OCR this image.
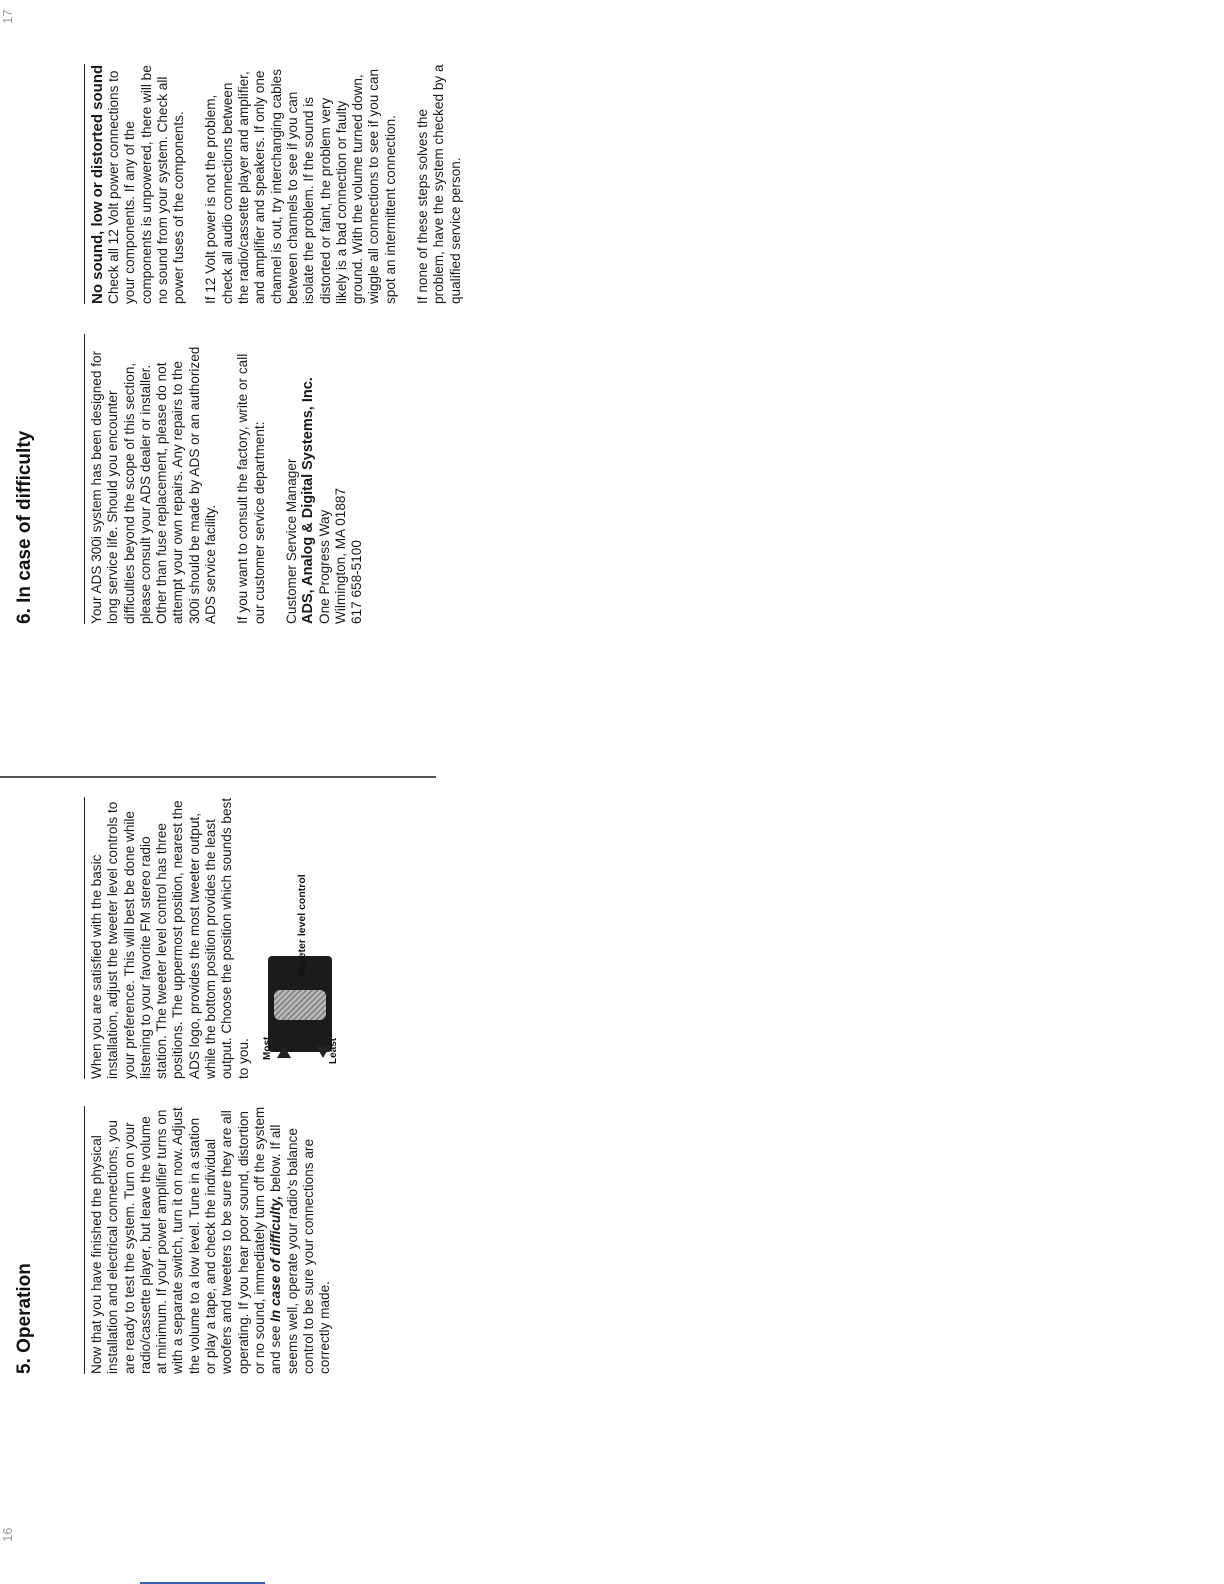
16
5. Operation	Now that you have finished the physical installation and electrical connections, you are ready to test the system. Turn on your radio/cassette player, but leave the volume at minimum. If your power amplifier turns on with a separate switch, turn it on now. Adjust the volume to a low level. Tune in a station or play a tape, and check the individual woofers and tweeters to be sure they are all operating. If you hear poor sound, distortion or no sound, immediately turn off the system and see In case of difficulty, below. If all seems well, operate your radio's balance control to be sure your connections are correctly made.

When you are satisfied with the basic installation, adjust the tweeter level controls to your preference. This will best be done while listening to your favorite FM stereo radio station. The tweeter level control has three positions. The uppermost position, nearest the ADS logo, provides the most tweeter output, while the bottom position provides the least output. Choose the position which sounds best to you. Most	Least
Tweeter level control
6. In case of difficulty	Your ADS 300i system has been designed for long service life. Should you encounter difficulties beyond the scope of this section, please consult your ADS dealer or installer. Other than fuse replacement, please do not attempt your own repairs. Any repairs to the 300i should be made by ADS or an authorized ADS service facility. If you want to consult the factory, write or call our customer service department: Customer Service Manager ADS, Analog & Digital Systems, Inc. One Progress Way Wilmington, MA 01887 617 658-5100

No sound, low or distorted sound Check all 12 Volt power connections to your components. If any of the components is unpowered, there will be no sound from your system. Check all power fuses of the components. If 12 Volt power is not the problem, check all audio connections between the radio/cassette player and amplifier, and amplifier and speakers. If only one channel is out, try interchanging cables between channels to see if you can isolate the problem. If the sound is distorted or faint, the problem very likely is a bad connection or faulty ground. With the volume turned down, wiggle all connections to see if you can spot an intermittent connection. If none of these steps solves the problem, have the system checked by a qualified service person.

17
